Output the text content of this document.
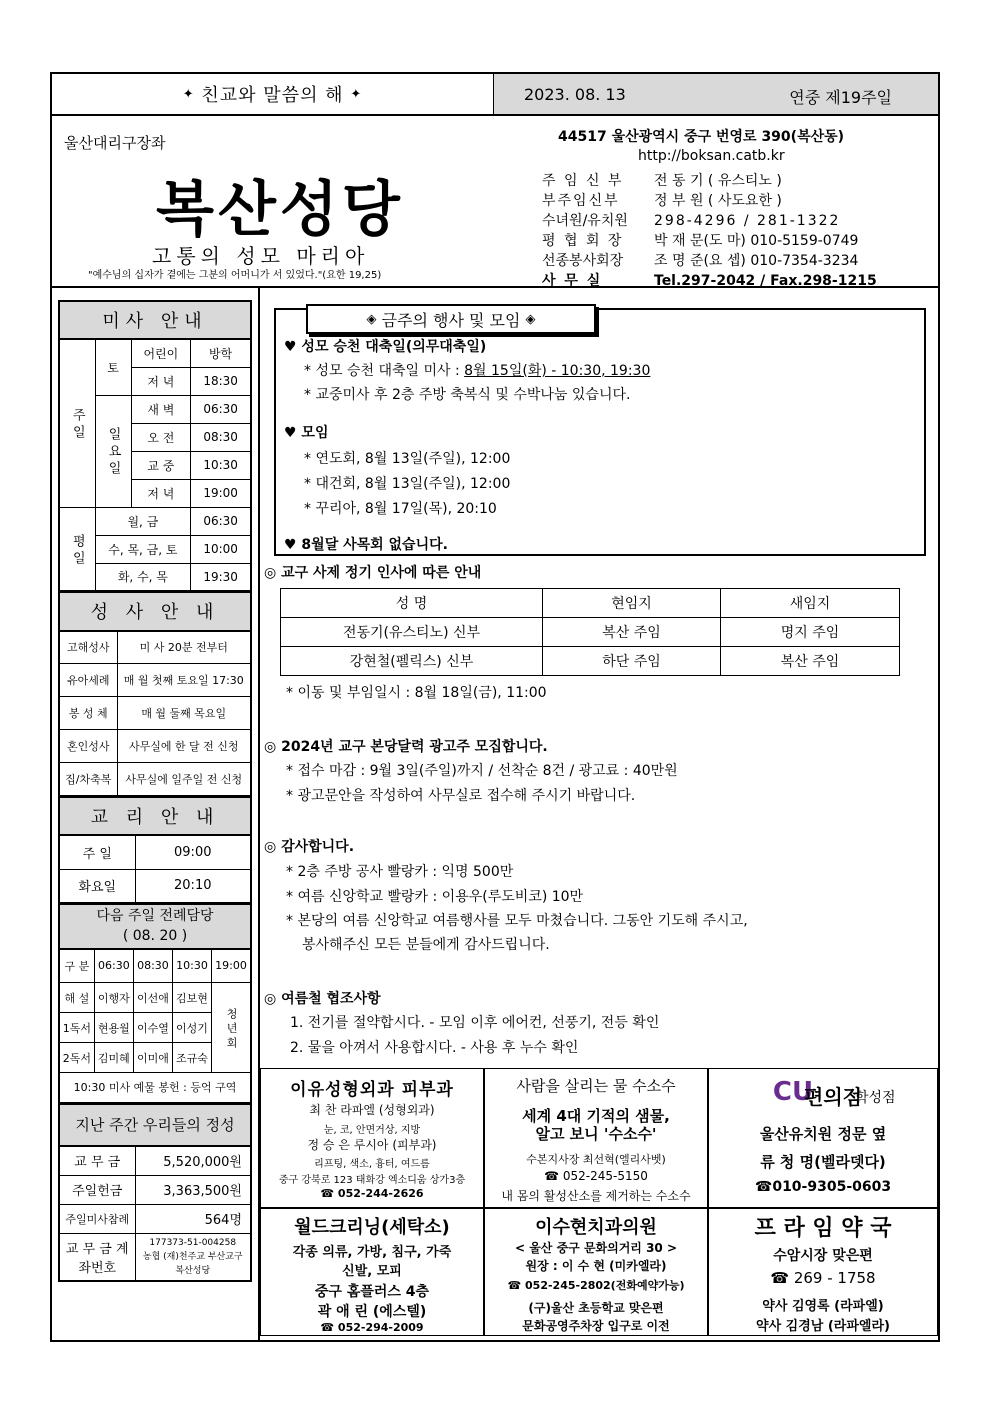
✦
친교와 말씀의 해
✦	2023. 08. 13	연중 제19주일
울산대리구장좌
복산성당
고통의 성모 마리아
"예수님의 십자가 곁에는 그분의 어머니가 서 있었다."(요한 19,25)
44517 울산광역시 중구 번영로 390(복산동)
http://boksan.catb.kr
주 임 신 부 전 동 기 ( 유스티노 )
부주임신부 정 부 원 ( 사도요한 )
수녀원/유치원 298-4296 / 281-1322
평 협 회 장 박 재 문(도 마) 010-5159-0749
선종봉사회장 조 명 준(요 셉) 010-7354-3234
사 무 실	Tel.297-2042 / Fax.298-1215
미사 안내			
주 일	토	어린이	방학
		저 녁	18:30
	일 요 일	새 벽	06:30
		오 전	08:30
		교 중	10:30
		저 녁	19:00
평 일	월, 금		06:30
	수, 목, 금, 토		10:00
	화, 수, 목		19:30
성 사 안 내	
고해성사	미 사 20분 전부터
유아세례	매 월 첫째 토요일 17:30
봉 성 체	매 월 둘째 목요일
혼인성사	사무실에 한 달 전 신청
집/차축복	사무실에 일주일 전 신청
교 리 안 내	
주 일	09:00
화요일	20:10
다음 주일 전례담당
( 08. 20 )				
구 분	06:30	08:30	10:30	19:00
해 설	이행자	이선애	김보현	청 년 회
1독서	현용월	이수열	이성기	
2독서	김미혜	이미애	조규숙	
10:30 미사 예물 봉헌 : 등억 구역				
지난 주간 우리들의 정성	
교 무 금	5,520,000원
주일헌금	3,363,500원
주일미사참례	564명
교 무 금 계좌번호	177373-51-004258
농협 (재)천주교 부산교구
복산성당
◈
금주의 행사 및 모임
◈
♥ 성모 승천 대축일(의무대축일)
* 성모 승천 대축일 미사 : 8월 15일(화) - 10:30, 19:30
* 교중미사 후 2층 주방 축복식 및 수박나눔 있습니다.
♥ 모임
* 연도회, 8월 13일(주일), 12:00
* 대건회, 8월 13일(주일), 12:00
* 꾸리아, 8월 17일(목), 20:10
♥ 8월달 사목회 없습니다.
◎ 교구 사제 정기 인사에 따른 안내
성 명	현임지	새임지
전동기(유스티노) 신부	복산 주임	명지 주임
강현철(펠릭스) 신부	하단 주임	복산 주임
* 이동 및 부임일시 : 8월 18일(금), 11:00
◎ 2024년 교구 본당달력 광고주 모집합니다.
* 접수 마감 : 9월 3일(주일)까지 / 선착순 8건 / 광고료 : 40만원
* 광고문안을 작성하여 사무실로 접수해 주시기 바랍니다.
◎ 감사합니다.
* 2층 주방 공사 빨랑카 : 익명 500만
* 여름 신앙학교 빨랑카 : 이용우(루도비코) 10만
* 본당의 여름 신앙학교 여름행사를 모두 마쳤습니다. 그동안 기도해 주시고,
봉사해주신 모든 분들에게 감사드립니다.
◎ 여름철 협조사항
1. 전기를 절약합시다. - 모임 이후 에어컨, 선풍기, 전등 확인
2. 물을 아껴서 사용합시다. - 사용 후 누수 확인
이유성형외과 피부과
최 찬 라파엘 (성형외과)
눈, 코, 안면거상, 지방
정 승 은 루시아 (피부과)
리프팅, 색소, 흉터, 여드름
중구 강북로 123 태화강 엑소디움 상가3층
☎ 052-244-2626
사람을 살리는 물 수소수
세계 4대 기적의 샘물,
알고 보니 '수소수'
수본지사장 최선혁(엘리사벳)
☎ 052-245-5150
내 몸의 활성산소를 제거하는 수소수
CU
편의점
학성점
울산유치원 정문 옆
류 청 명(벨라뎃다)
☎010-9305-0603
월드크리닝(세탁소)
각종 의류, 가방, 침구, 가죽
신발, 모피
중구 홈플러스 4층
곽 애 린 (에스텔)
☎ 052-294-2009
이수현치과의원
< 울산 중구 문화의거리 30 >
원장 : 이 수 현 (미카엘라)
☎ 052-245-2802(전화예약가능)
(구)울산 초등학교 맞은편
문화공영주차장 입구로 이전
프 라 임 약 국
수암시장 맞은편
☎ 269 - 1758
약사 김영록 (라파엘)
약사 김경남 (라파엘라)
